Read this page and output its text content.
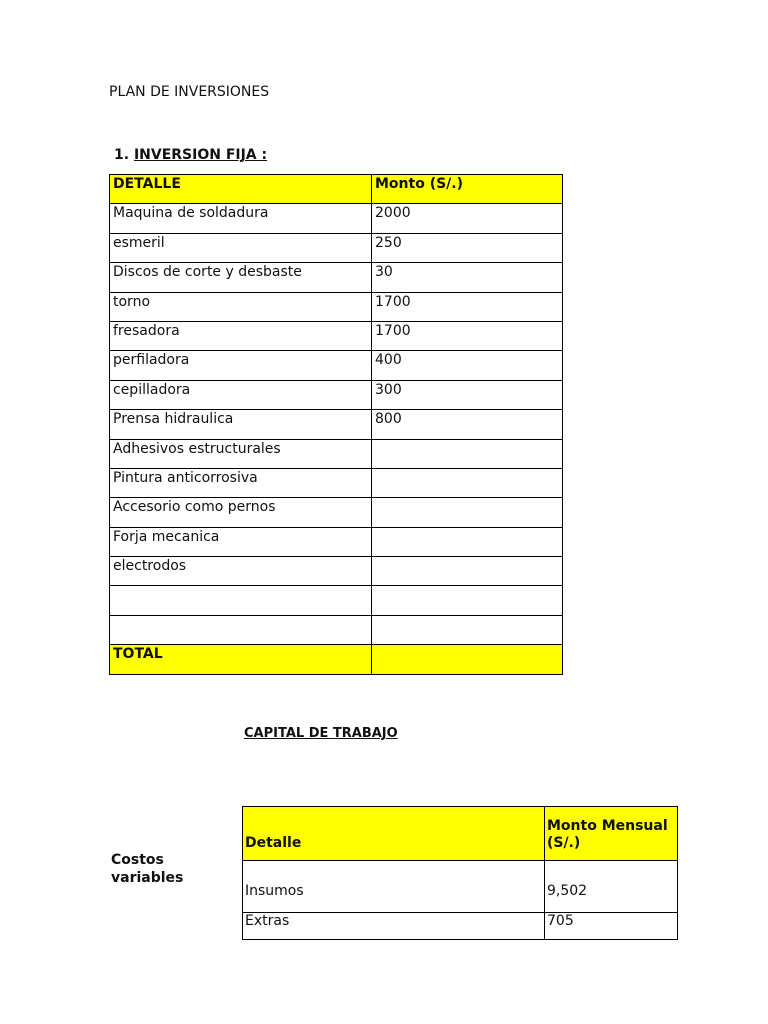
PLAN DE INVERSIONES
1. INVERSION FIJA :
DETALLE	Monto (S/.)
Maquina de soldadura	2000
esmeril	250
Discos de corte y desbaste	30
torno	1700
fresadora	1700
perfiladora	400
cepilladora	300
Prensa hidraulica	800
Adhesivos estructurales	
Pintura anticorrosiva	
Accesorio como pernos	
Forja mecanica	
electrodos	

TOTAL	
CAPITAL DE TRABAJO
Costos
variables
Detalle	Monto Mensual
(S/.)
Insumos	9,502
Extras	705
